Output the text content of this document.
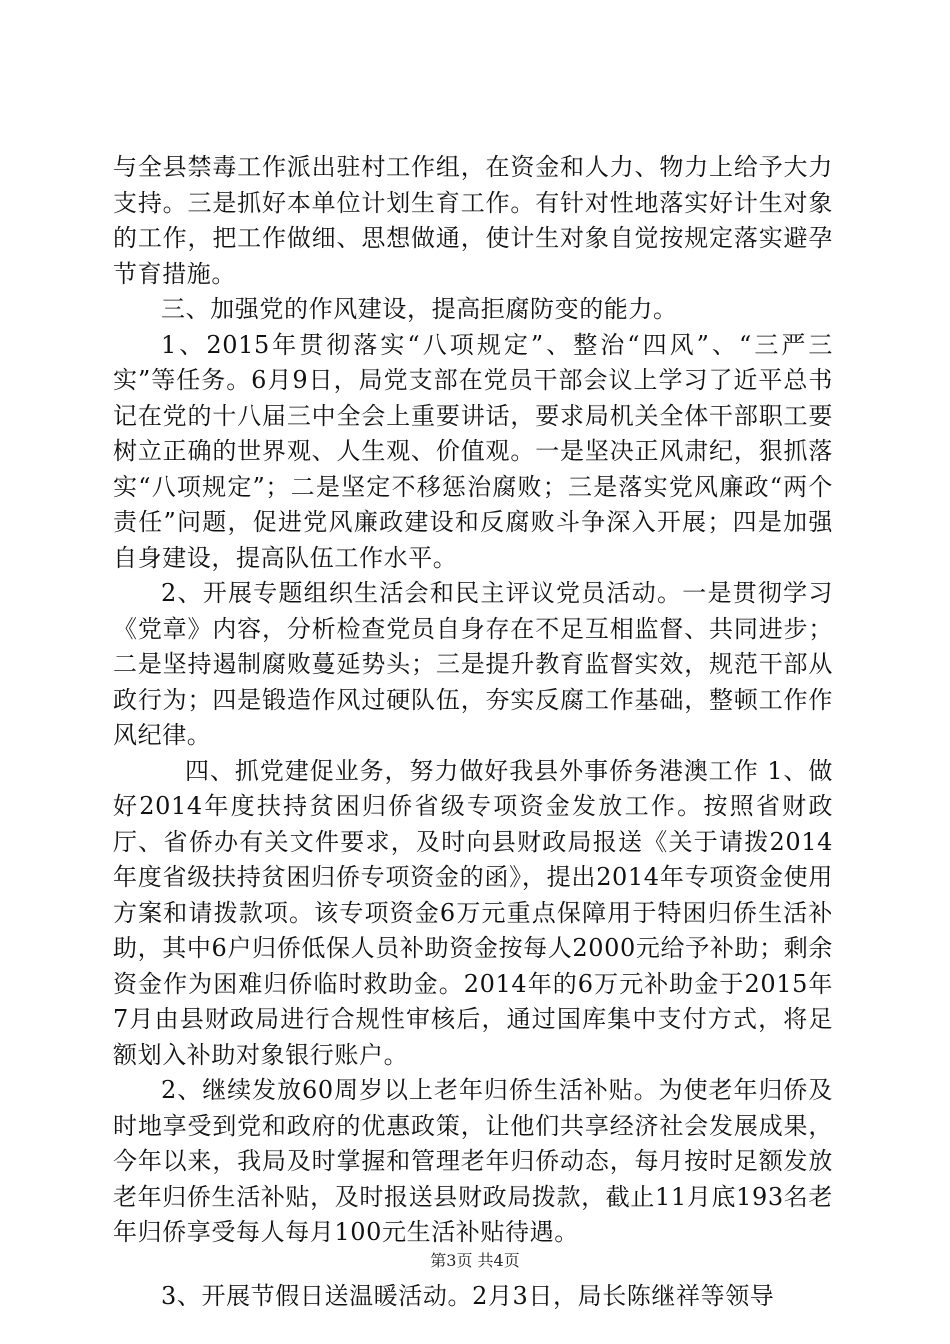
与全县禁毒工作派出驻村工作组，在资金和人力、物力上给予大力支持。三是抓好本单位计划生育工作。有针对性地落实好计生对象的工作，把工作做细、思想做通，使计生对象自觉按规定落实避孕节育措施。

三、加强党的作风建设，提高拒腐防变的能力。

1、2015年贯彻落实“八项规定”、整治“四风”、“三严三实”等任务。6月9日，局党支部在党员干部会议上学习了近平总书记在党的十八届三中全会上重要讲话，要求局机关全体干部职工要树立正确的世界观、人生观、价值观。一是坚决正风肃纪，狠抓落实“八项规定”；二是坚定不移惩治腐败；三是落实党风廉政“两个责任”问题，促进党风廉政建设和反腐败斗争深入开展；四是加强自身建设，提高队伍工作水平。

2、开展专题组织生活会和民主评议党员活动。一是贯彻学习《党章》内容，分析检查党员自身存在不足互相监督、共同进步；二是坚持遏制腐败蔓延势头；三是提升教育监督实效，规范干部从政行为；四是锻造作风过硬队伍，夯实反腐工作基础，整顿工作作风纪律。

四、抓党建促业务，努力做好我县外事侨务港澳工作 1、做好2014年度扶持贫困归侨省级专项资金发放工作。按照省财政厅、省侨办有关文件要求，及时向县财政局报送《关于请拨2014年度省级扶持贫困归侨专项资金的函》，提出2014年专项资金使用方案和请拨款项。该专项资金6万元重点保障用于特困归侨生活补助，其中6户归侨低保人员补助资金按每人2000元给予补助；剩余资金作为困难归侨临时救助金。2014年的6万元补助金于2015年7月由县财政局进行合规性审核后，通过国库集中支付方式，将足额划入补助对象银行账户。

2、继续发放60周岁以上老年归侨生活补贴。为使老年归侨及时地享受到党和政府的优惠政策，让他们共享经济社会发展成果，今年以来，我局及时掌握和管理老年归侨动态，每月按时足额发放老年归侨生活补贴，及时报送县财政局拨款，截止11月底193名老年归侨享受每人每月100元生活补贴待遇。

3、开展节假日送温暖活动。2月3日，局长陈继祥等领导

第3页 共4页
